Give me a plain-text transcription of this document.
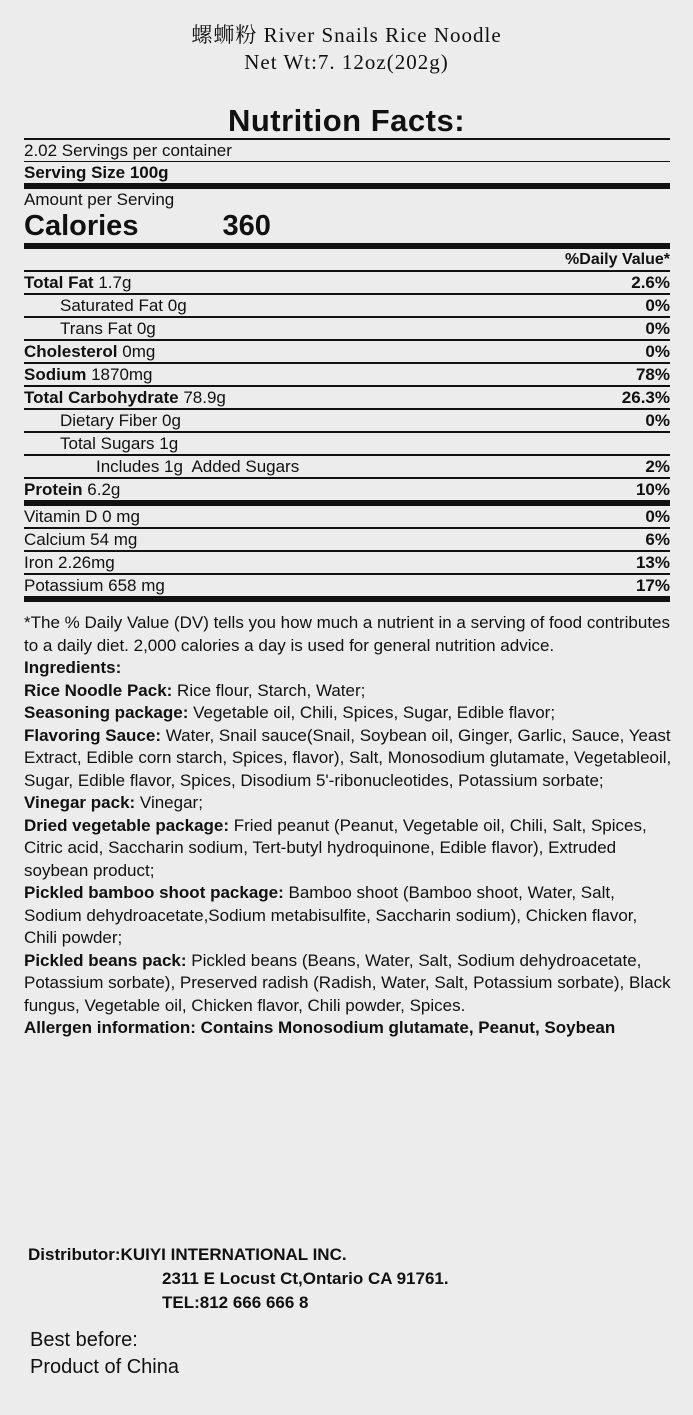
螺蛳粉 River Snails Rice Noodle
Net Wt:7. 12oz(202g)
Nutrition Facts:
2.02 Servings per container
Serving Size 100g
Amount per Serving
Calories	360
%Daily Value*
Total Fat 1.7g	2.6%
Saturated Fat 0g	0%
Trans Fat 0g	0%
Cholesterol 0mg	0%
Sodium 1870mg	78%
Total Carbohydrate 78.9g	26.3%
Dietary Fiber 0g	0%
Total Sugars 1g
Includes 1g Added Sugars	2%
Protein 6.2g	10%
Vitamin D 0 mg	0%
Calcium 54 mg	6%
Iron 2.26mg	13%
Potassium 658 mg	17%

*The % Daily Value (DV) tells you how much a nutrient in a serving of food contributes to a daily diet. 2,000 calories a day is used for general nutrition advice.

Ingredients:

Rice Noodle Pack: Rice flour, Starch, Water;

Seasoning package: Vegetable oil, Chili, Spices, Sugar, Edible flavor;

Flavoring Sauce: Water, Snail sauce(Snail, Soybean oil, Ginger, Garlic, Sauce, Yeast Extract, Edible corn starch, Spices, flavor), Salt, Monosodium glutamate, Vegetableoil, Sugar, Edible flavor, Spices, Disodium 5'-ribonucleotides, Potassium sorbate;

Vinegar pack: Vinegar;

Dried vegetable package: Fried peanut (Peanut, Vegetable oil, Chili, Salt, Spices, Citric acid, Saccharin sodium, Tert-butyl hydroquinone, Edible flavor), Extruded soybean product;

Pickled bamboo shoot package: Bamboo shoot (Bamboo shoot, Water, Salt, Sodium dehydroacetate,Sodium metabisulfite, Saccharin sodium), Chicken flavor, Chili powder;

Pickled beans pack: Pickled beans (Beans, Water, Salt, Sodium dehydroacetate, Potassium sorbate), Preserved radish (Radish, Water, Salt, Potassium sorbate), Black fungus, Vegetable oil, Chicken flavor, Chili powder, Spices.

Allergen information: Contains Monosodium glutamate, Peanut, Soybean

Distributor:KUIYI INTERNATIONAL INC.
2311 E Locust Ct,Ontario CA 91761.
TEL:812 666 666 8
Best before:
Product of China
